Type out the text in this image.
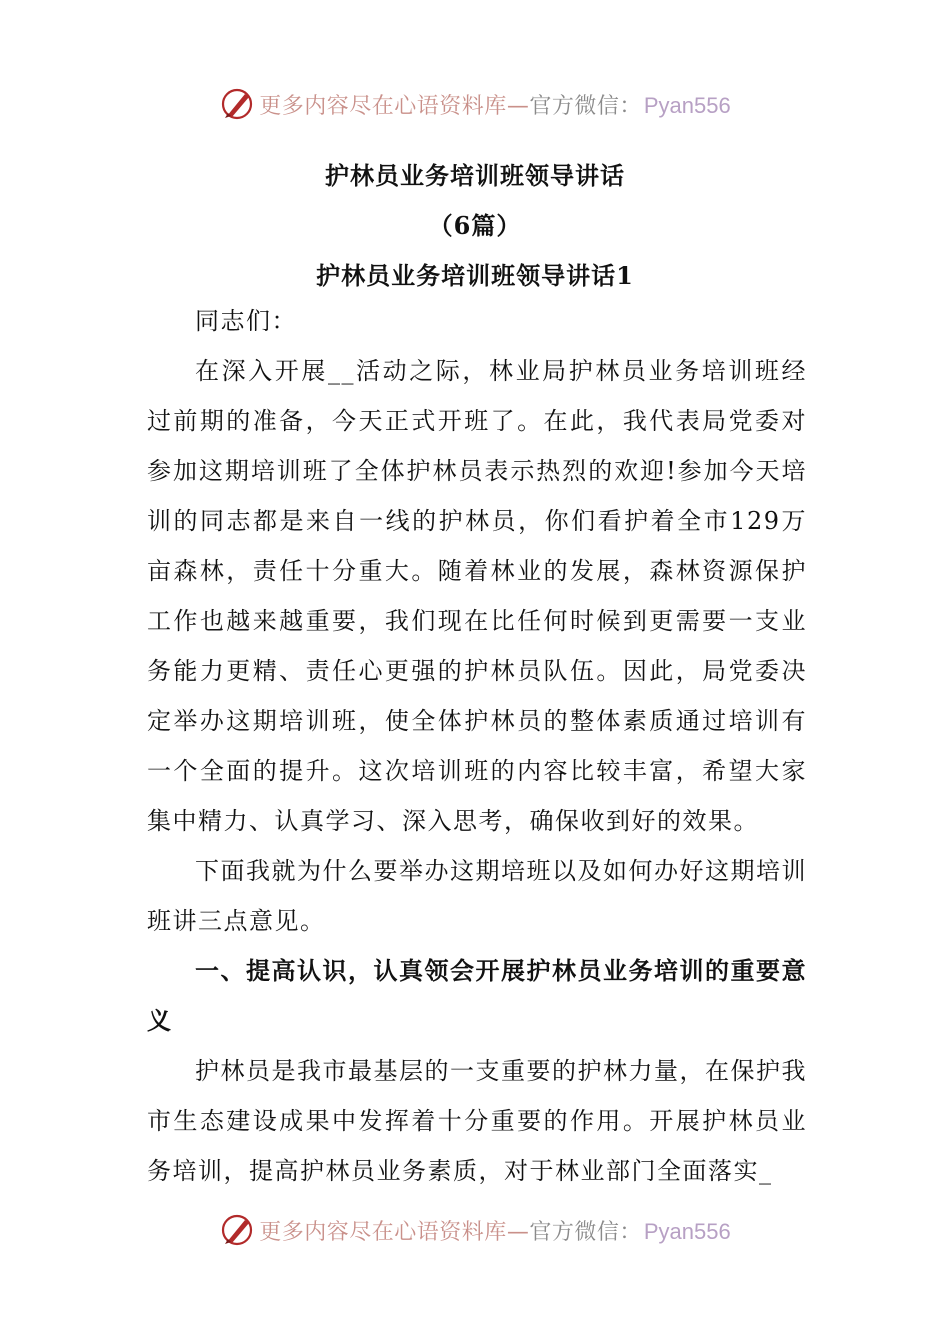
更多内容尽在心语资料库—官方微信：Pyan556
护林员业务培训班领导讲话
（6篇）
护林员业务培训班领导讲话1

同志们：

在深入开展__活动之际，林业局护林员业务培训班经过前期的准备，今天正式开班了。在此，我代表局党委对参加这期培训班了全体护林员表示热烈的欢迎!参加今天培训的同志都是来自一线的护林员，你们看护着全市129万亩森林，责任十分重大。随着林业的发展，森林资源保护工作也越来越重要，我们现在比任何时候到更需要一支业务能力更精、责任心更强的护林员队伍。因此，局党委决定举办这期培训班，使全体护林员的整体素质通过培训有一个全面的提升。这次培训班的内容比较丰富，希望大家集中精力、认真学习、深入思考，确保收到好的效果。

下面我就为什么要举办这期培班以及如何办好这期培训班讲三点意见。

一、提高认识，认真领会开展护林员业务培训的重要意义

护林员是我市最基层的一支重要的护林力量，在保护我市生态建设成果中发挥着十分重要的作用。开展护林员业务培训，提高护林员业务素质，对于林业部门全面落实_

更多内容尽在心语资料库—官方微信：Pyan556
